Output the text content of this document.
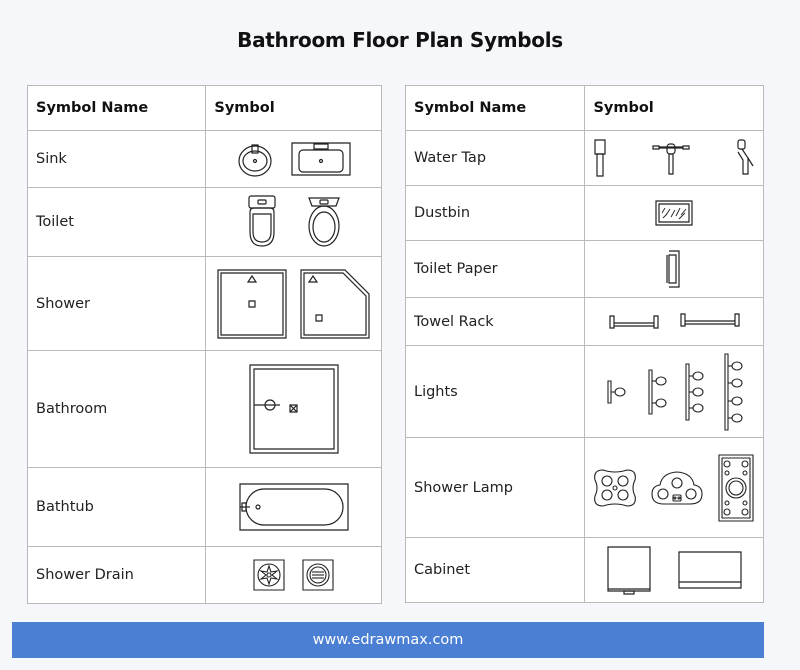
Bathroom Floor Plan Symbols
Symbol Name	Symbol
Sink	
Toilet	
Shower	
Bathroom	
Bathtub	
Shower Drain	
Symbol Name	Symbol
Water Tap	
Dustbin	
Toilet Paper	
Towel Rack	
Lights	
Shower Lamp	
Cabinet	
www.edrawmax.com
